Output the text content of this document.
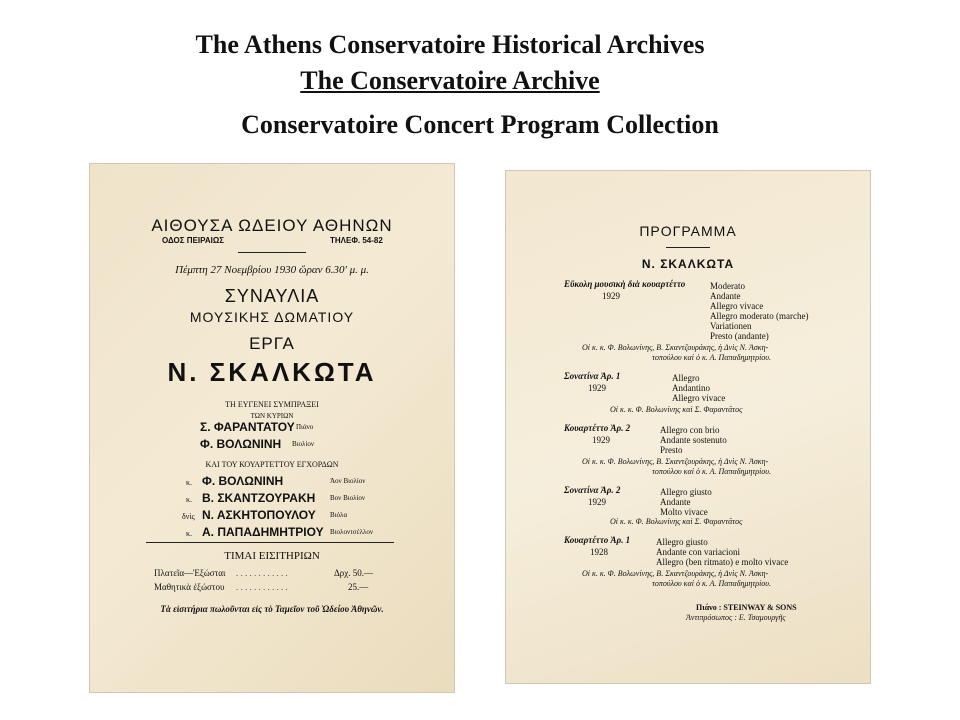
The Athens Conservatoire Historical Archives
The Conservatoire Archive
Conservatoire Concert Program Collection
ΑΙΘΟΥΣΑ ΩΔΕΙΟΥ ΑΘΗΝΩΝ
ΟΔΟΣ ΠΕΙΡΑΙΩΣ	ΤΗΛΕΦ. 54-82
Πέμπτη 27 Νοεμβρίου 1930 ὥραν 6.30' μ. μ.
ΣΥΝΑΥΛΙΑ
ΜΟΥΣΙΚΗΣ ΔΩΜΑΤΙΟΥ
ΕΡΓΑ
Ν. ΣΚΑΛΚΩΤΑ
ΤΗ ΕΥΓΕΝΕΙ ΣΥΜΠΡΑΞΕΙ
ΤΩΝ ΚΥΡΙΩΝ
Σ. ΦΑΡΑΝΤΑΤΟΥ Πιάνο
Φ. ΒΟΛΩΝΙΝΗ Βιολίον
ΚΑΙ ΤΟΥ ΚΟΥΑΡΤΕΤΤΟΥ ΕΓΧΟΡΔΩΝ
κ. Φ. ΒΟΛΩΝΙΝΗ	Ἀον Βιολίον
κ. Β. ΣΚΑΝΤΖΟΥΡΑΚΗ Βον Βιολίον
δνὶς Ν. ΑΣΚΗΤΟΠΟΥΛΟΥ Βιόλα
κ. Α. ΠΑΠΑΔΗΜΗΤΡΙΟΥ Βιολοντσέλλον
ΤΙΜΑΙ ΕΙΣΙΤΗΡΙΩΝ
Πλατεῖα—Ἐξώσται . . . . . . . . . . . .	Δρχ. 50.—
Μαθητικὰ ἐξώστου . . . . . . . . . . . .	25.—
Τὰ εἰσιτήρια πωλοῦνται εἰς τὸ Ταμεῖον τοῦ Ὠδείου Ἀθηνῶν.
ΠΡΟΓΡΑΜΜΑ
Ν. ΣΚΑΛΚΩΤΑ
Εὔκολη μουσικὴ διὰ κουαρτέττο
1929
Moderato
Andante
Allegro vivace
Allegro moderato (marche)
Variationen
Presto (andante)
Οἱ κ. κ. Φ. Βολωνίνης, Β. Σκαντζουράκης, ἡ Δνὶς Ν. Ἀσκη-
τοπούλου καὶ ὁ κ. Α. Παπαδημητρίου.
Σονατίνα Ἀρ. 1
1929
Allegro
Andantino
Allegro vivace
Οἱ κ. κ. Φ. Βολωνίνης καὶ Σ. Φαραντᾶτος
Κουαρτέττο Ἀρ. 2
1929
Allegro con brio
Andante sostenuto
Presto
Οἱ κ. κ. Φ. Βολωνίνης, Β. Σκαντζουράκης, ἡ Δνὶς Ν. Ἀσκη-
τοπούλου καὶ ὁ κ. Α. Παπαδημητρίου.
Σονατίνα Ἀρ. 2
1929
Allegro giusto
Andante
Molto vivace
Οἱ κ. κ. Φ. Βολωνίνης καὶ Σ. Φαραντᾶτος
Κουαρτέττο Ἀρ. 1
1928
Allegro giusto
Andante con variacioni
Allegro (ben ritmato) e molto vivace
Οἱ κ. κ. Φ. Βολωνίνης, Β. Σκαντζουράκης, ἡ Δνὶς Ν. Ἀσκη-
τοπούλου καὶ ὁ κ. Α. Παπαδημητρίου.
Πιάνο : STEINWAY & SONS
Ἀντιπρόσωπος : Ε. Τσαμουργῆς
